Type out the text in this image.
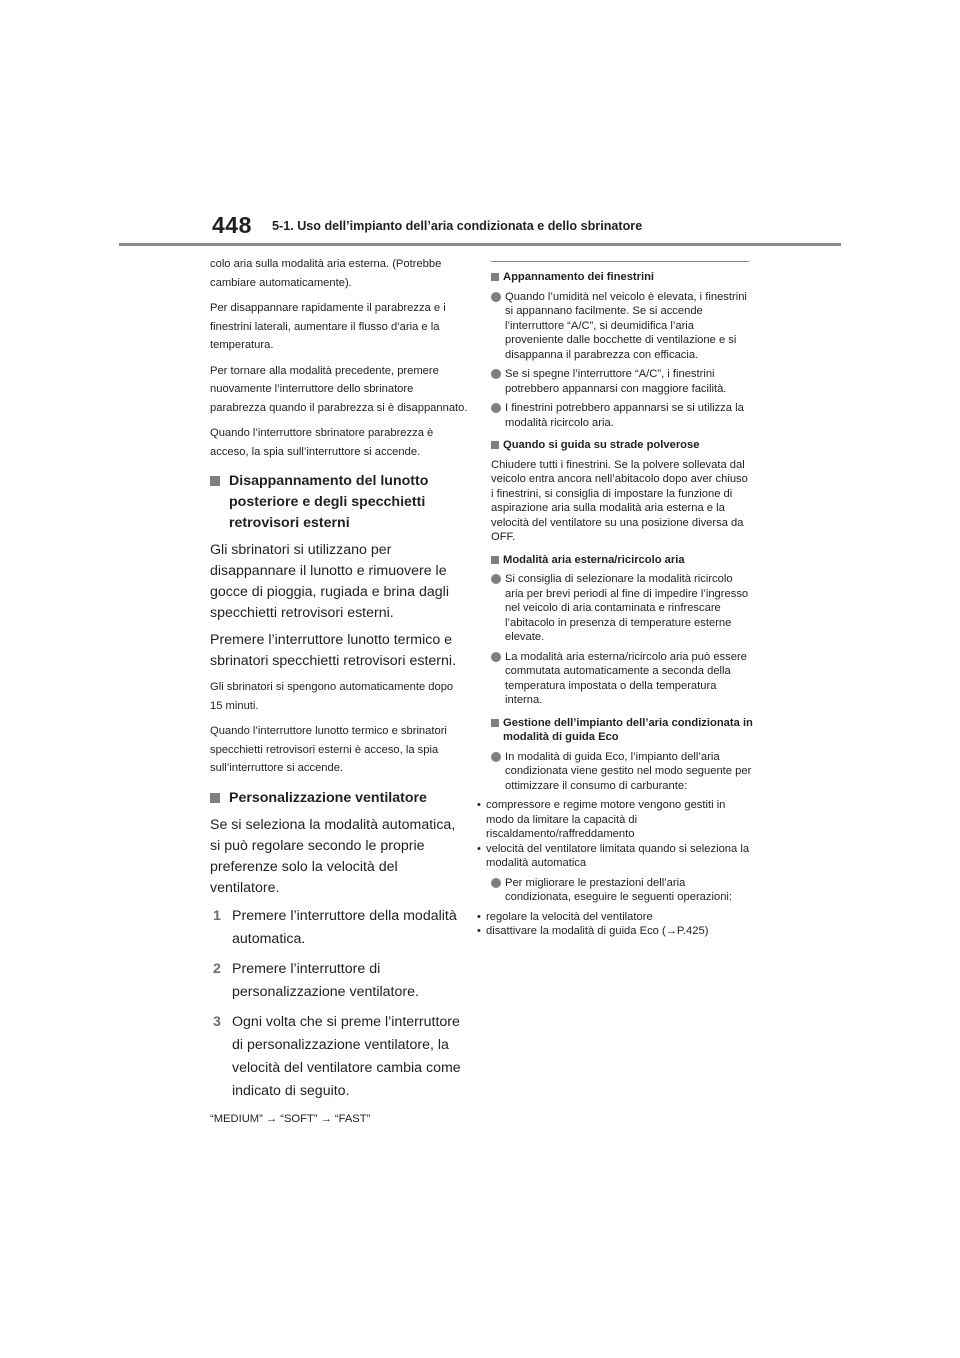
448 5-1. Uso dell’impianto dell’aria condizionata e dello sbrinatore

colo aria sulla modalità aria esterna. (Potrebbe cambiare automaticamente).

Per disappannare rapidamente il parabrezza e i finestrini laterali, aumentare il flusso d’aria e la temperatura.

Per tornare alla modalità precedente, premere nuovamente l’interruttore dello sbrinatore parabrezza quando il parabrezza si è disappannato.

Quando l’interruttore sbrinatore parabrezza è acceso, la spia sull’interruttore si accende.

Disappannamento del lunotto posteriore e degli specchietti retrovisori esterni

Gli sbrinatori si utilizzano per disappannare il lunotto e rimuovere le gocce di pioggia, rugiada e brina dagli specchietti retrovisori esterni.

Premere l’interruttore lunotto termico e sbrinatori specchietti retrovisori esterni.

Gli sbrinatori si spengono automaticamente dopo 15 minuti.

Quando l’interruttore lunotto termico e sbrinatori specchietti retrovisori esterni è acceso, la spia sull’interruttore si accende.

Personalizzazione ventilatore

Se si seleziona la modalità automatica, si può regolare secondo le proprie preferenze solo la velocità del ventilatore.

1 Premere l’interruttore della modalità automatica.
2 Premere l’interruttore di personalizzazione ventilatore.
3 Ogni volta che si preme l’interruttore di personalizzazione ventilatore, la velocità del ventilatore cambia come indicato di seguito.

“MEDIUM” → “SOFT” → “FAST”

Appannamento dei finestrini
Quando l’umidità nel veicolo è elevata, i finestrini si appannano facilmente. Se si accende l’interruttore “A/C”, si deumidifica l’aria proveniente dalle bocchette di ventilazione e si disappanna il parabrezza con efficacia.
Se si spegne l’interruttore “A/C”, i finestrini potrebbero appannarsi con maggiore facilità.
I finestrini potrebbero appannarsi se si utilizza la modalità ricircolo aria.
Quando si guida su strade polverose

Chiudere tutti i finestrini. Se la polvere sollevata dal veicolo entra ancora nell’abitacolo dopo aver chiuso i finestrini, si consiglia di impostare la funzione di aspirazione aria sulla modalità aria esterna e la velocità del ventilatore su una posizione diversa da OFF.

Modalità aria esterna/ricircolo aria
Si consiglia di selezionare la modalità ricircolo aria per brevi periodi al fine di impedire l’ingresso nel veicolo di aria contaminata e rinfrescare l’abitacolo in presenza di temperature esterne elevate.
La modalità aria esterna/ricircolo aria può essere commutata automaticamente a seconda della temperatura impostata o della temperatura interna.
Gestione dell’impianto dell’aria condizionata in modalità di guida Eco
In modalità di guida Eco, l’impianto dell’aria condizionata viene gestito nel modo seguente per ottimizzare il consumo di carburante:
• compressore e regime motore vengono gestiti in modo da limitare la capacità di riscaldamento/raffreddamento
• velocità del ventilatore limitata quando si seleziona la modalità automatica
Per migliorare le prestazioni dell’aria condizionata, eseguire le seguenti operazioni:
• regolare la velocità del ventilatore
• disattivare la modalità di guida Eco (→P.425)
